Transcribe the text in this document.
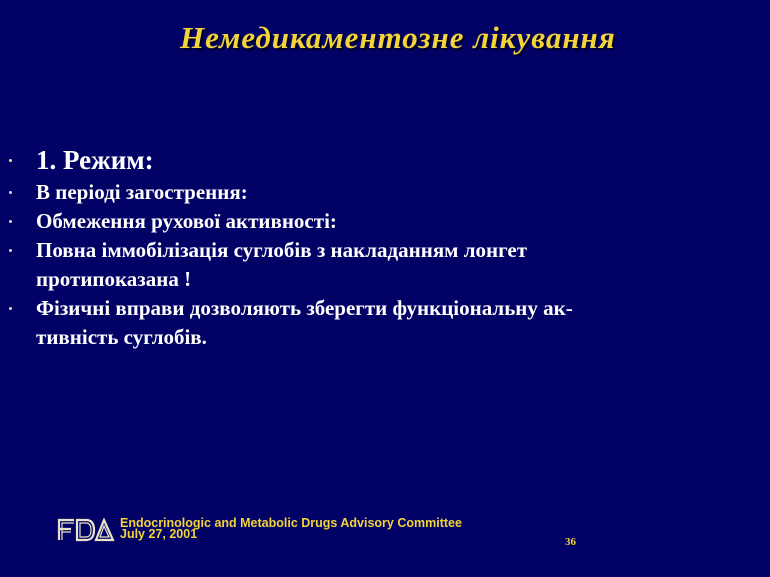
Немедикаментозне лікування
1. Режим:
В періоді загострення:
Обмеження рухової активності:
Повна іммобілізація суглобів з накладанням лонгет
протипоказана !
Фізичні вправи дозволяють зберегти функціональну ак-
тивність суглобів.
Endocrinologic and Metabolic Drugs Advisory Committee
July 27, 2001
36
